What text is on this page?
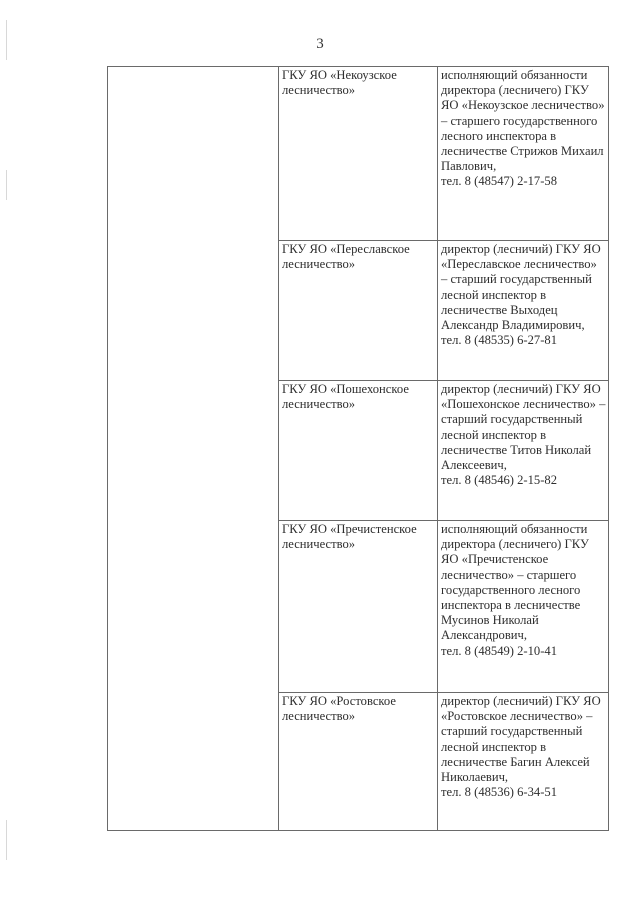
3
	ГКУ ЯО «Некоузское лесничество»	исполняющий обязанности директора (лесничего) ГКУ ЯО «Некоузское лесничество» – старшего государственного лесного инспектора в лесничестве Стрижов Михаил Павлович,
тел. 8 (48547) 2-17-58

	ГКУ ЯО «Переславское лесничество»	директор (лесничий) ГКУ ЯО «Переславское лесничество» – старший государственный лесной инспектор в лесничестве Выходец Александр Владимирович,
тел. 8 (48535) 6-27-81

	ГКУ ЯО «Пошехонское лесничество»	директор (лесничий) ГКУ ЯО «Пошехонское лесничество» – старший государственный лесной инспектор в лесничестве Титов Николай Алексеевич,
тел. 8 (48546) 2-15-82

	ГКУ ЯО «Пречистенское лесничество»	исполняющий обязанности директора (лесничего) ГКУ ЯО «Пречистенское лесничество» – старшего государственного лесного инспектора в лесничестве Мусинов Николай Александрович,
тел. 8 (48549) 2-10-41

	ГКУ ЯО «Ростовское лесничество»	директор (лесничий) ГКУ ЯО «Ростовское лесничество» – старший государственный лесной инспектор в лесничестве Багин Алексей Николаевич,
тел. 8 (48536) 6-34-51
